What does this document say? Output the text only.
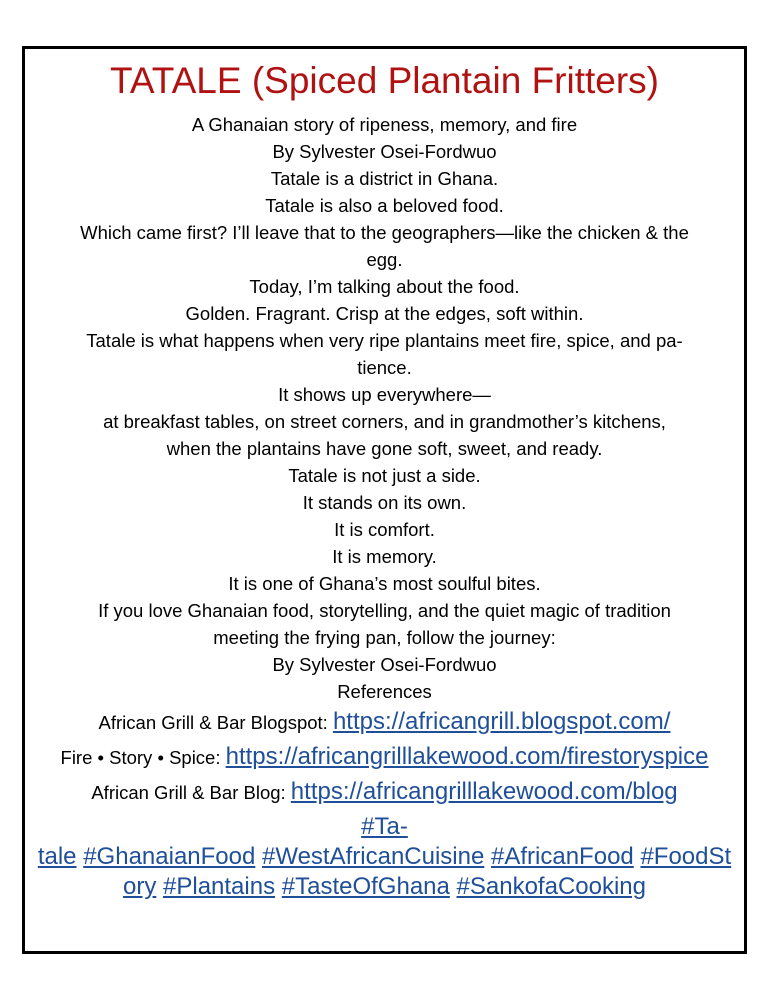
TATALE (Spiced Plantain Fritters)

A Ghanaian story of ripeness, memory, and fire

By Sylvester Osei-Fordwuo

Tatale is a district in Ghana.

Tatale is also a beloved food.

Which came first? I’ll leave that to the geographers—like the chicken & the

egg.

Today, I’m talking about the food.

Golden. Fragrant. Crisp at the edges, soft within.

Tatale is what happens when very ripe plantains meet fire, spice, and pa-

tience.

It shows up everywhere—

at breakfast tables, on street corners, and in grandmother’s kitchens,

when the plantains have gone soft, sweet, and ready.

Tatale is not just a side.

It stands on its own.

It is comfort.

It is memory.

It is one of Ghana’s most soulful bites.

If you love Ghanaian food, storytelling, and the quiet magic of tradition

meeting the frying pan, follow the journey:

By Sylvester Osei-Fordwuo

References

African Grill & Bar Blogspot: https://africangrill.blogspot.com/

Fire • Story • Spice: https://africangrilllakewood.com/firestoryspice

African Grill & Bar Blog: https://africangrilllakewood.com/blog

#Ta-
tale #GhanaianFood #WestAfricanCuisine #AfricanFood #FoodSt
ory #Plantains #TasteOfGhana #SankofaCooking
